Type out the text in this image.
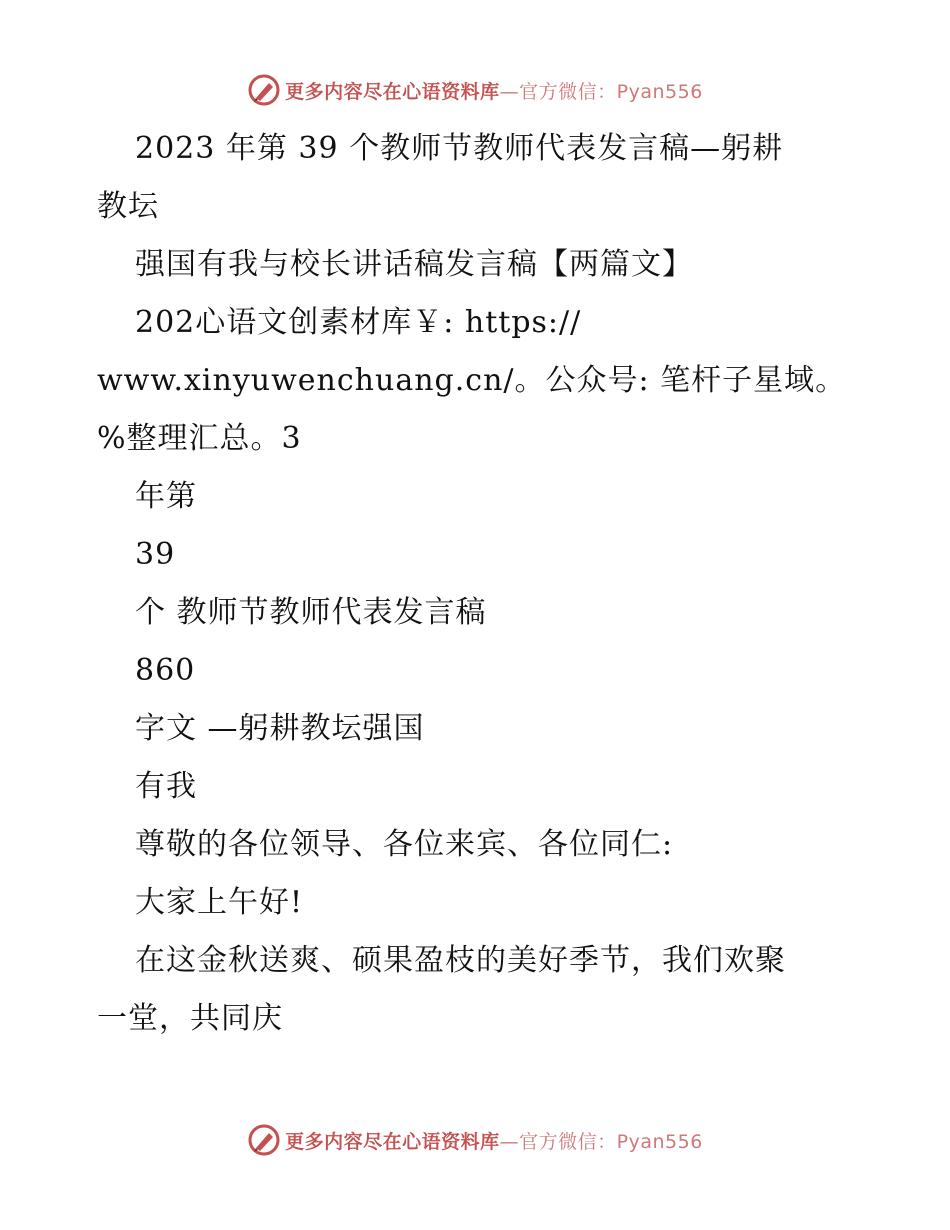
更多内容尽在心语资料库—官方微信：Pyan556
2023 年第 39 个教师节教师代表发言稿—躬耕
教坛
强国有我与校长讲话稿发言稿【两篇文】
202心语文创素材库￥: https://
www.xinyuwenchuang.cn/。公众号: 笔杆子星域。
%整理汇总。3
年第
39
个 教师节教师代表发言稿
860
字文 —躬耕教坛强国
有我
尊敬的各位领导、各位来宾、各位同仁:
大家上午好!
在这金秋送爽、硕果盈枝的美好季节，我们欢聚
一堂，共同庆
更多内容尽在心语资料库—官方微信：Pyan556
